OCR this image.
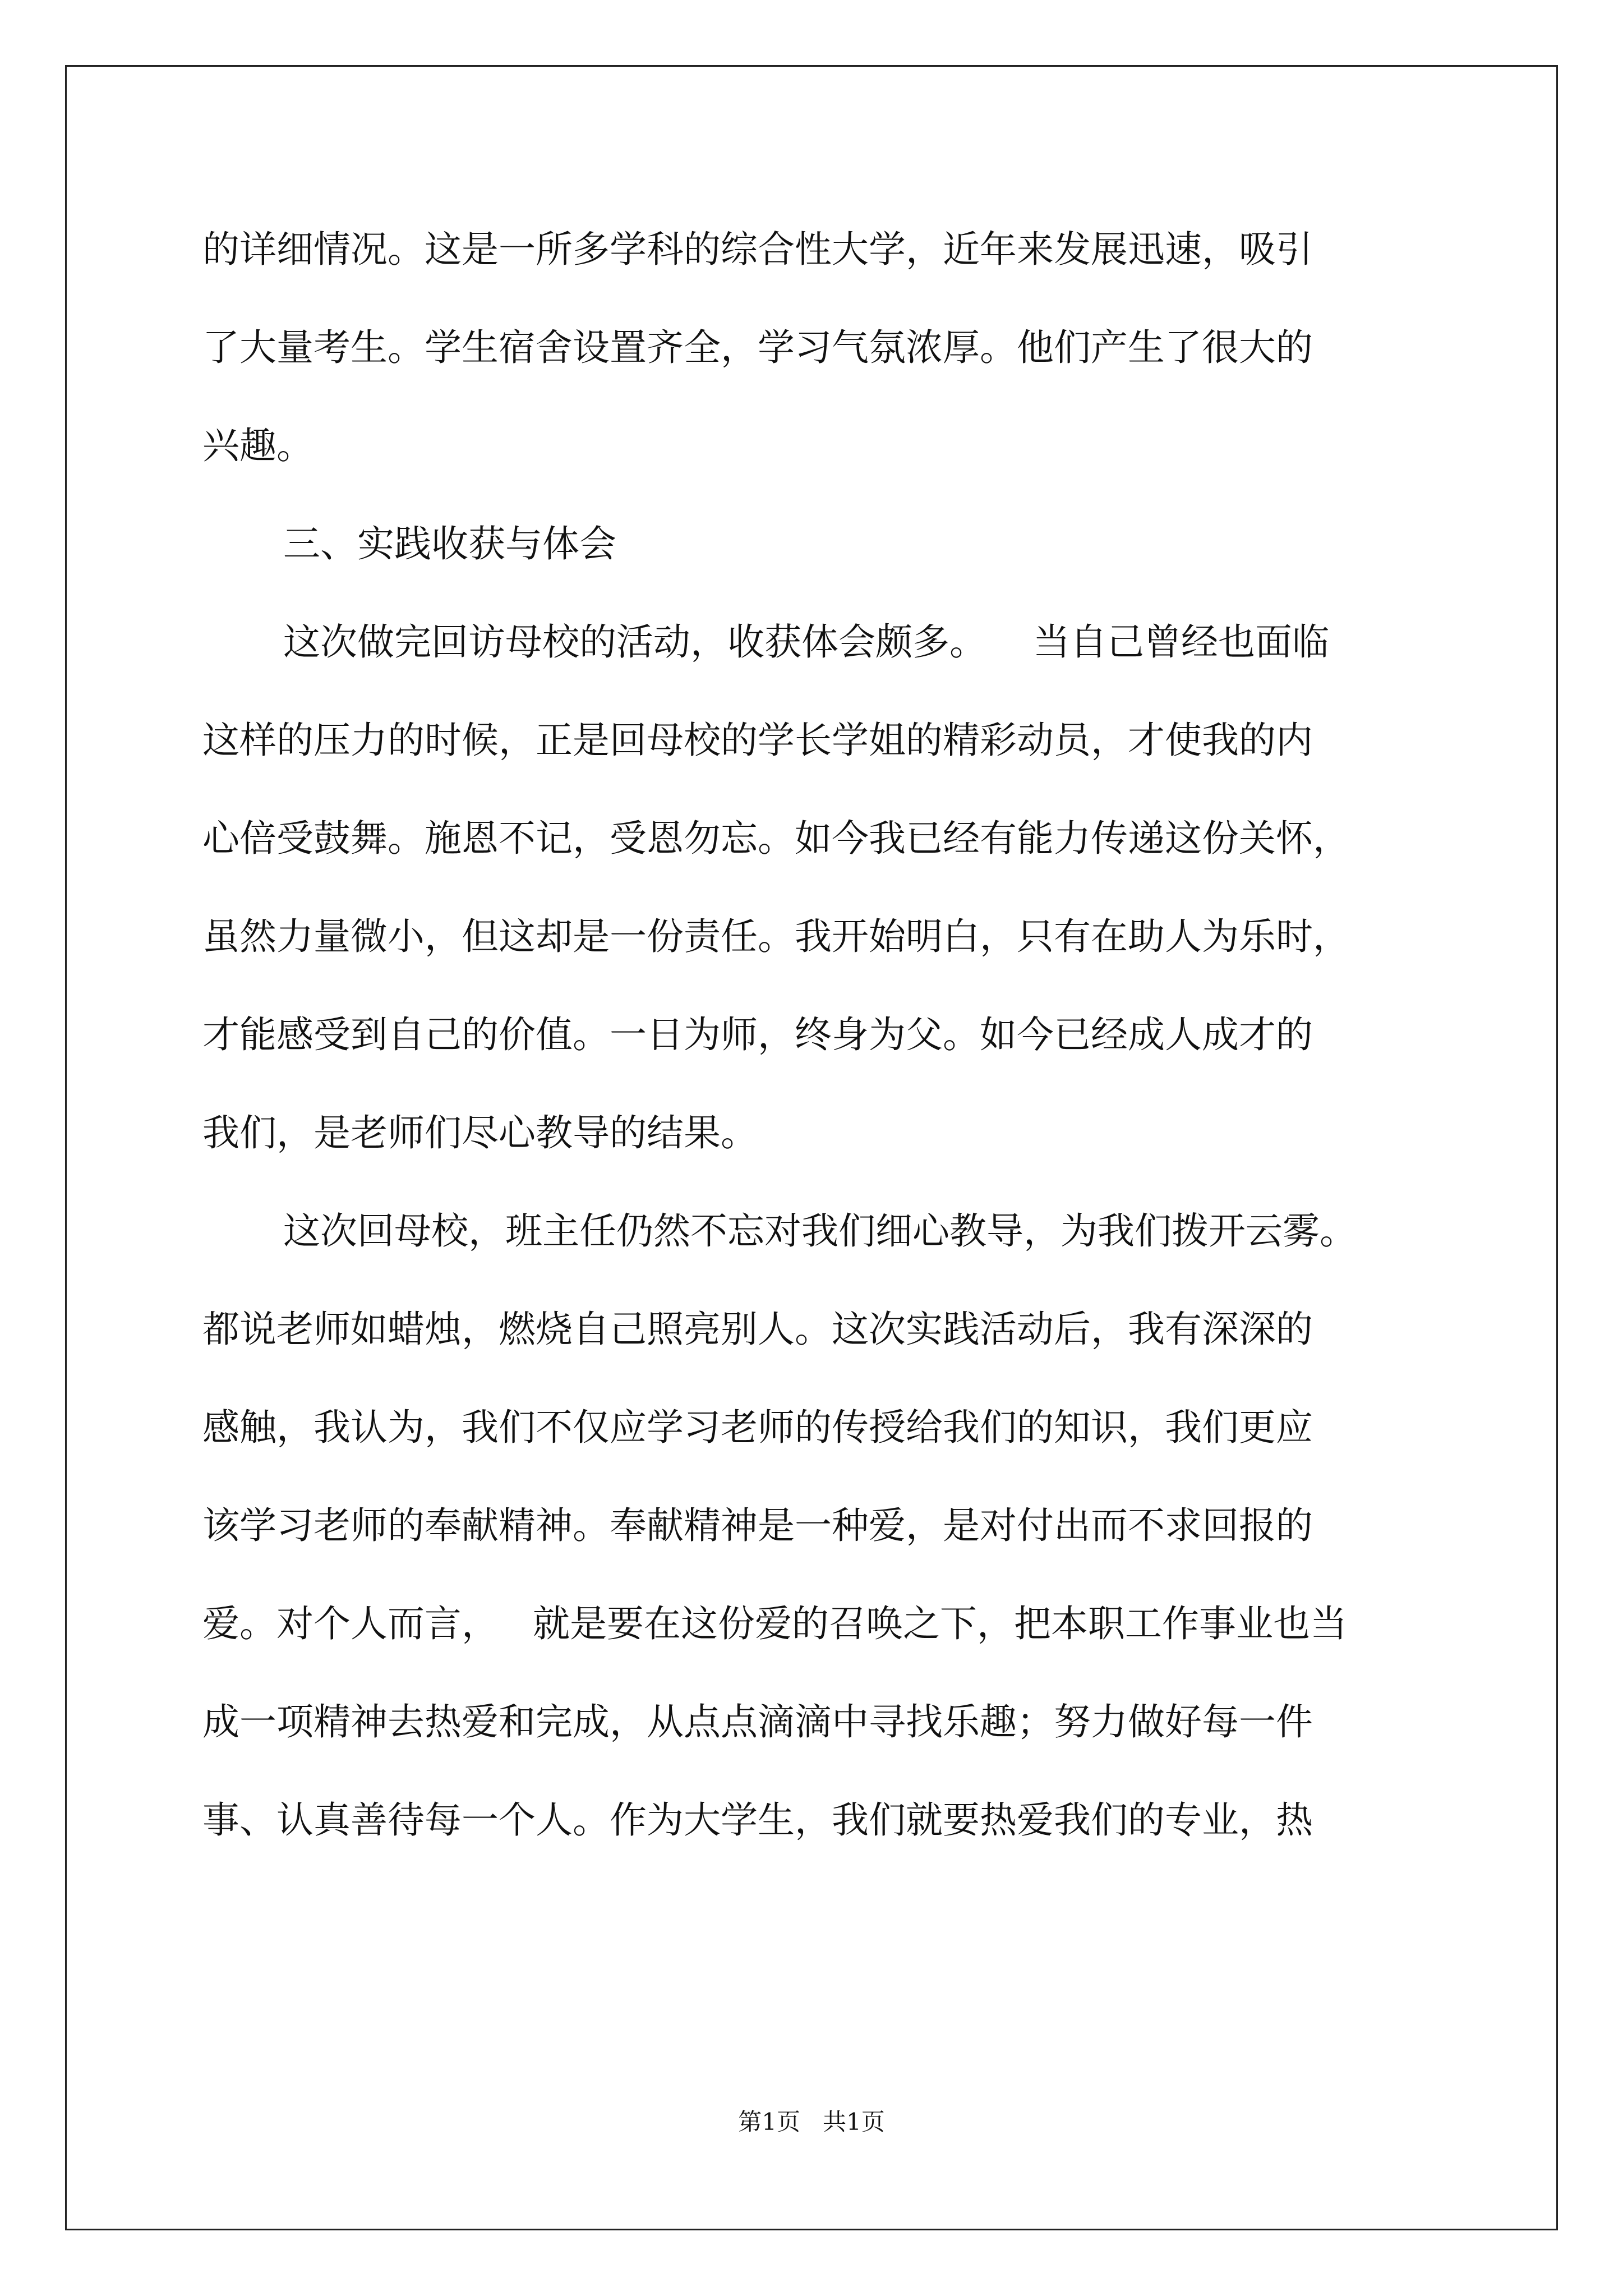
的详细情况。这是一所多学科的综合性大学，近年来发展迅速，吸引
了大量考生。学生宿舍设置齐全，学习气氛浓厚。他们产生了很大的
兴趣。
三、实践收获与体会
这次做完回访母校的活动，收获体会颇多。 当自己曾经也面临
这样的压力的时候，正是回母校的学长学姐的精彩动员，才使我的内
心倍受鼓舞。施恩不记，受恩勿忘。如今我已经有能力传递这份关怀，
虽然力量微小，但这却是一份责任。我开始明白，只有在助人为乐时，
才能感受到自己的价值。一日为师，终身为父。如今已经成人成才的
我们，是老师们尽心教导的结果。
这次回母校，班主任仍然不忘对我们细心教导，为我们拨开云雾。
都说老师如蜡烛，燃烧自己照亮别人。这次实践活动后，我有深深的
感触，我认为，我们不仅应学习老师的传授给我们的知识，我们更应
该学习老师的奉献精神。奉献精神是一种爱，是对付出而不求回报的
爱。对个人而言， 就是要在这份爱的召唤之下，把本职工作事业也当
成一项精神去热爱和完成，从点点滴滴中寻找乐趣；努力做好每一件
事、认真善待每一个人。作为大学生，我们就要热爱我们的专业，热
第1页   共1页
